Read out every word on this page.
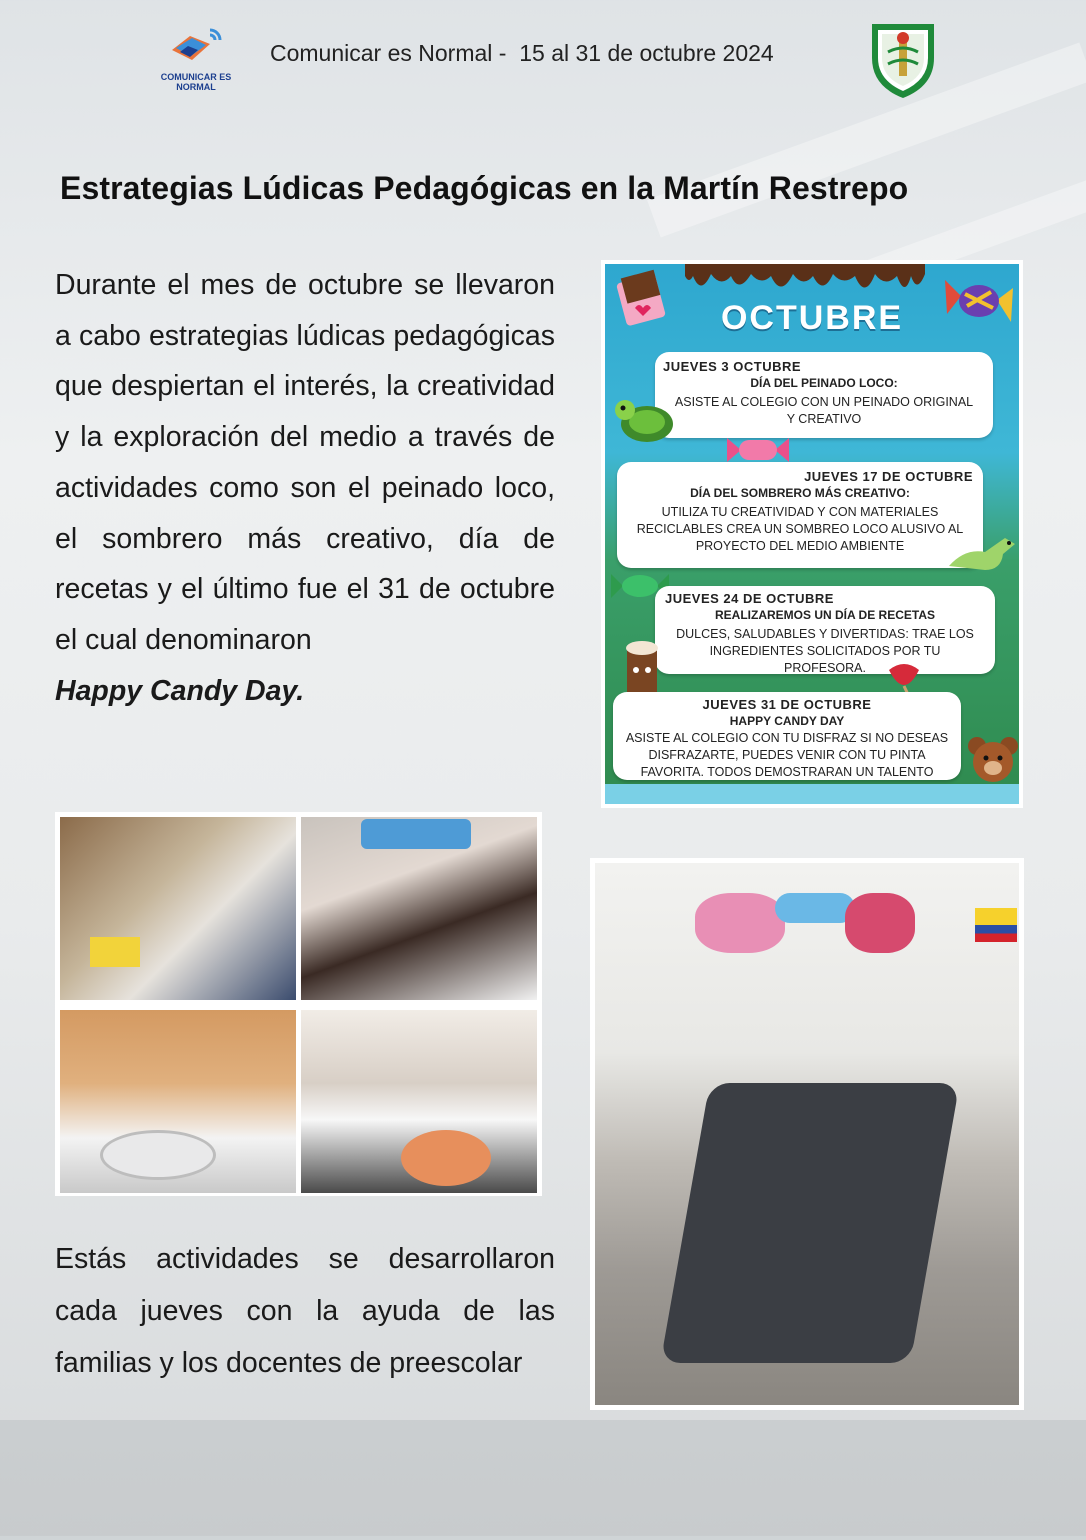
COMUNICAR ES NORMAL
Comunicar es Normal -  15 al 31 de octubre 2024
Estrategias Lúdicas Pedagógicas en la Martín Restrepo
Durante el mes de octubre se llevaron a cabo estrategias lúdicas pedagógicas que despiertan el interés, la creatividad y la exploración del medio a través de actividades como son el peinado loco, el sombrero más creativo, día de recetas y el último fue el 31 de octubre el cual denominaron
Happy Candy Day.
OCTUBRE
JUEVES 3 OCTUBRE
DÍA DEL PEINADO LOCO:
ASISTE AL COLEGIO CON UN PEINADO ORIGINAL Y CREATIVO
JUEVES 17 DE OCTUBRE
DÍA DEL SOMBRERO MÁS CREATIVO:
UTILIZA TU CREATIVIDAD Y CON MATERIALES RECICLABLES CREA UN SOMBREO LOCO ALUSIVO AL PROYECTO DEL MEDIO AMBIENTE
JUEVES 24 DE OCTUBRE
REALIZAREMOS UN DÍA DE RECETAS
DULCES, SALUDABLES Y DIVERTIDAS: TRAE LOS INGREDIENTES SOLICITADOS POR TU PROFESORA.
JUEVES 31 DE OCTUBRE
HAPPY CANDY DAY
ASISTE AL COLEGIO CON TU DISFRAZ SI NO DESEAS DISFRAZARTE, PUEDES VENIR CON TU PINTA FAVORITA. TODOS DEMOSTRARAN UN TALENTO
Estás actividades se desarrollaron cada jueves con la ayuda de las familias y los docentes de preescolar
